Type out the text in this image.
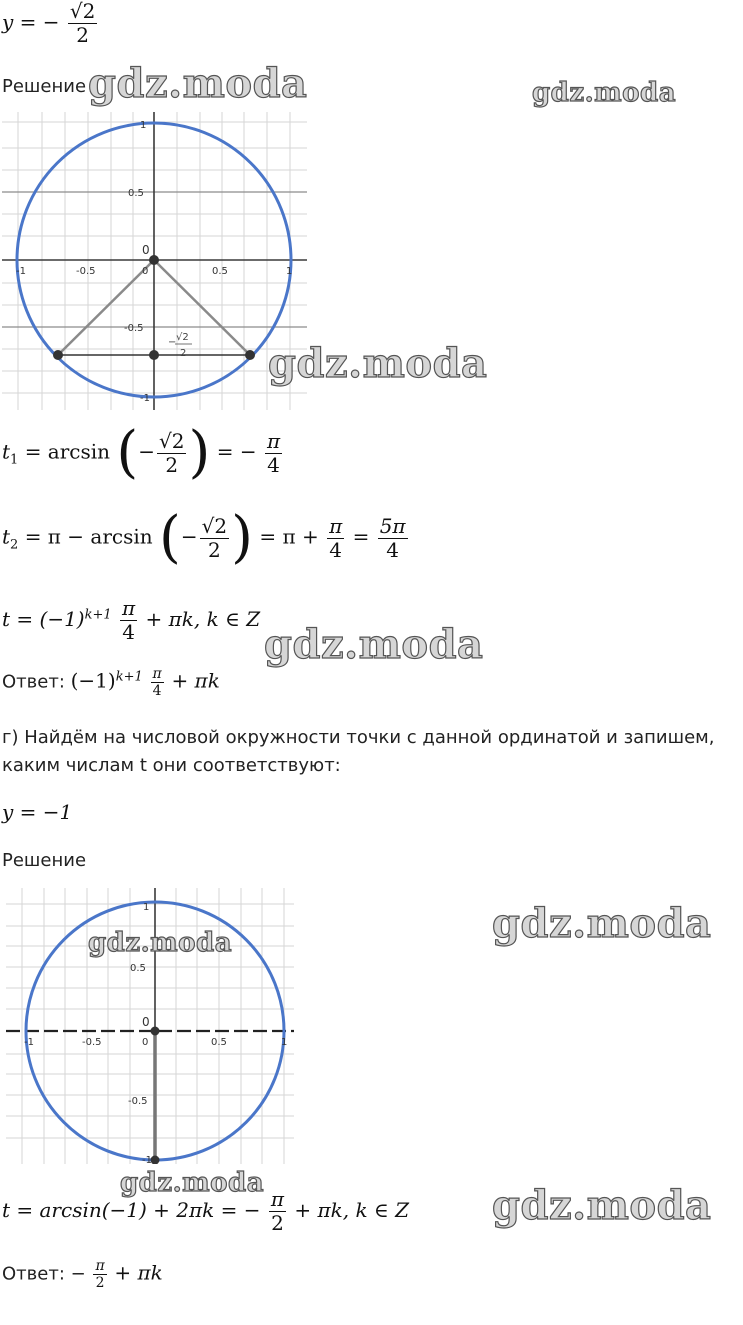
y = − $\frac{√2}{2}$
Решение
1
0.5
0
-1	-0.5	0	0.5	1
-0.5
-1
− √2
2
$t_1 = \arcsin$ (− $\frac{√2}{2}$ ) = − $\frac{\pi}{4}$
$t_2 = \pi - \arcsin$ (− $\frac{√2}{2}$ ) = $\pi + \frac{\pi}{4} = \frac{5\pi}{4}$
$t = (-1)^{k+1} \frac{\pi}{4} + \pi k$, k ∈ Z
Ответ: $(-1)^{k+1} \frac{\pi}{4} + \pi k$
г) Найдём на числовой окружности точки с данной ординатой и запишем,
каким числам t они соответствуют:
y = −1
Решение
1
0.5
0
-1	-0.5	0	0.5	1
-0.5
-1
t = arcsin(−1) + 2πk = − $\frac{\pi}{2} + \pi k$, k ∈ Z
Ответ: − $\frac{\pi}{2} + \pi k$
gdz.moda	gdz.moda
gdz.moda
gdz.moda
gdz.moda
gdz.moda
gdz.moda	gdz.moda
